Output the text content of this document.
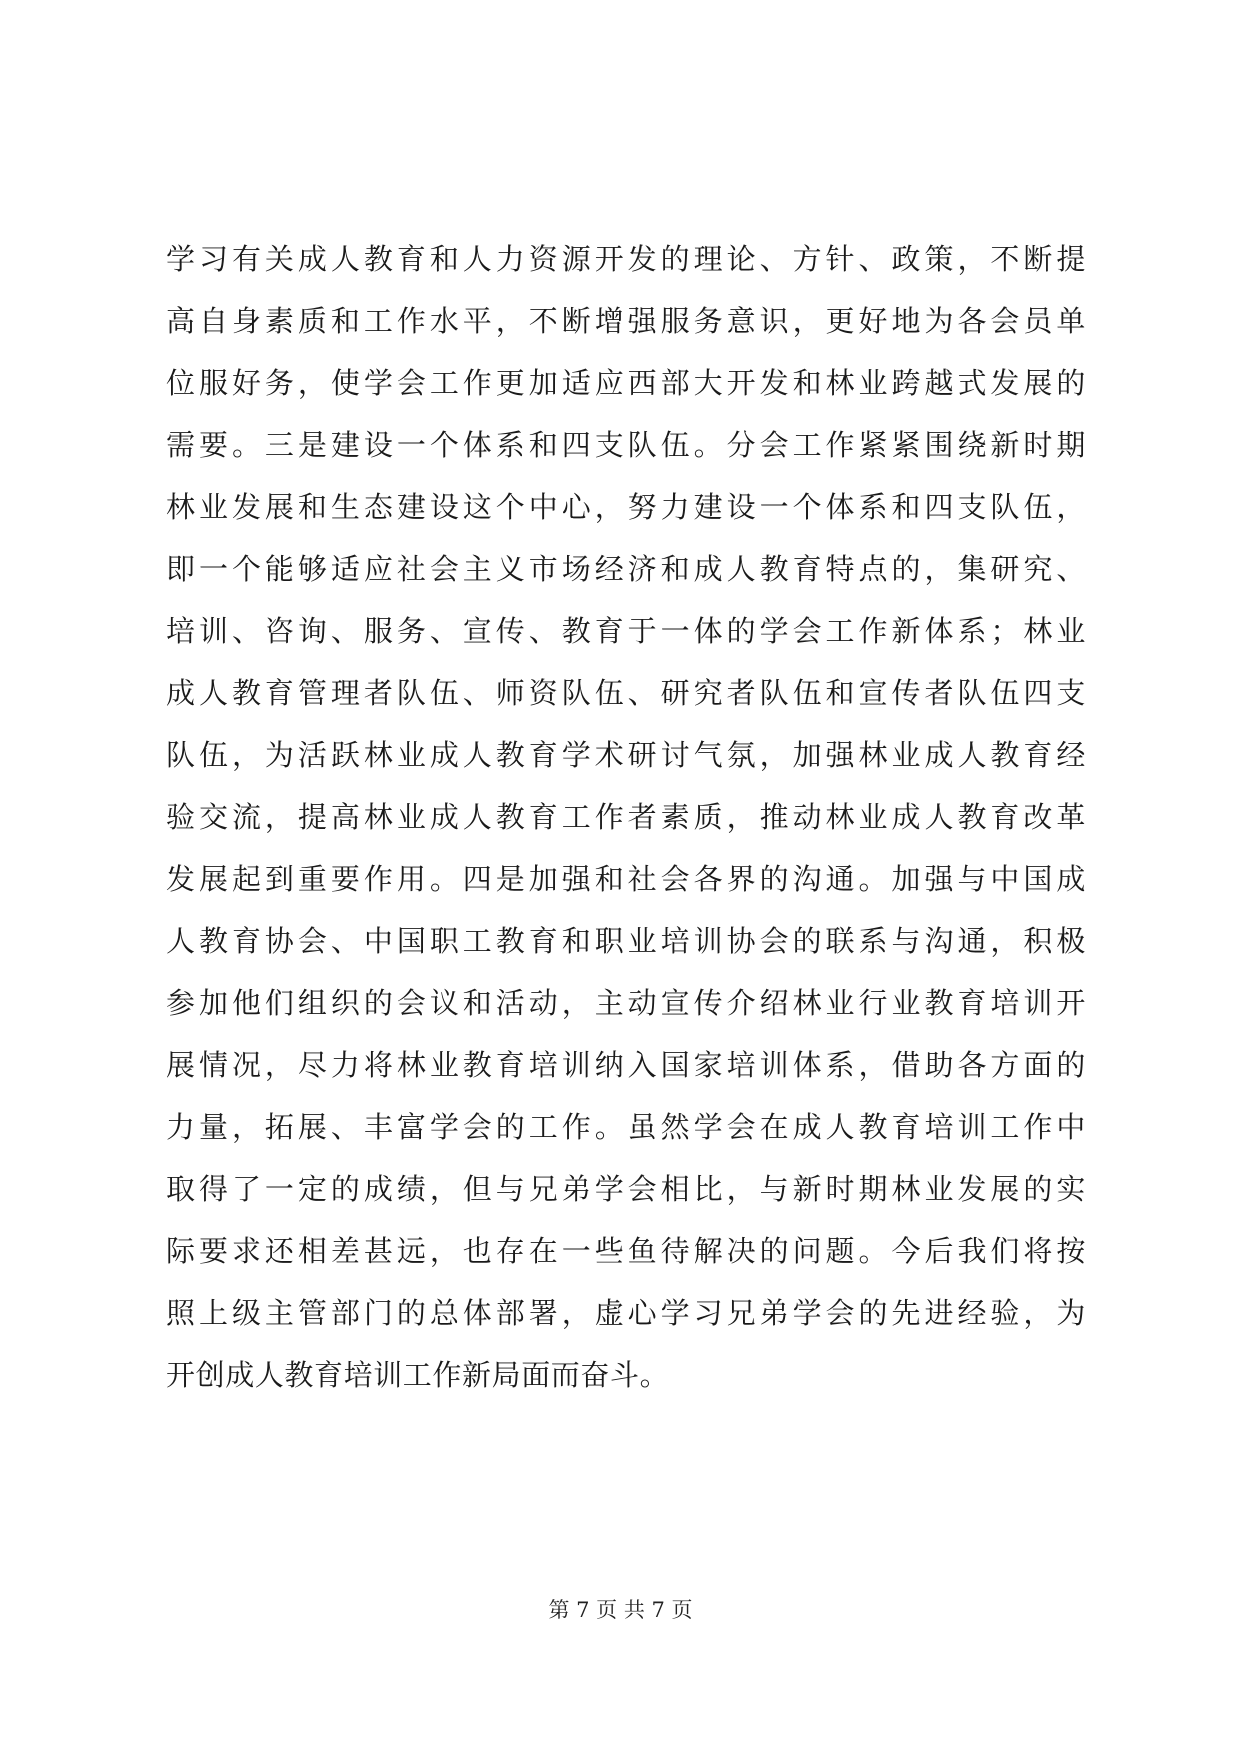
学习有关成人教育和人力资源开发的理论、方针、政策，不断提
高自身素质和工作水平，不断增强服务意识，更好地为各会员单
位服好务，使学会工作更加适应西部大开发和林业跨越式发展的
需要。三是建设一个体系和四支队伍。分会工作紧紧围绕新时期
林业发展和生态建设这个中心，努力建设一个体系和四支队伍，
即一个能够适应社会主义市场经济和成人教育特点的，集研究、
培训、咨询、服务、宣传、教育于一体的学会工作新体系；林业
成人教育管理者队伍、师资队伍、研究者队伍和宣传者队伍四支
队伍，为活跃林业成人教育学术研讨气氛，加强林业成人教育经
验交流，提高林业成人教育工作者素质，推动林业成人教育改革
发展起到重要作用。四是加强和社会各界的沟通。加强与中国成
人教育协会、中国职工教育和职业培训协会的联系与沟通，积极
参加他们组织的会议和活动，主动宣传介绍林业行业教育培训开
展情况，尽力将林业教育培训纳入国家培训体系，借助各方面的
力量，拓展、丰富学会的工作。虽然学会在成人教育培训工作中
取得了一定的成绩，但与兄弟学会相比，与新时期林业发展的实
际要求还相差甚远，也存在一些鱼待解决的问题。今后我们将按
照上级主管部门的总体部署，虚心学习兄弟学会的先进经验，为
开创成人教育培训工作新局面而奋斗。
第 7 页 共 7 页
